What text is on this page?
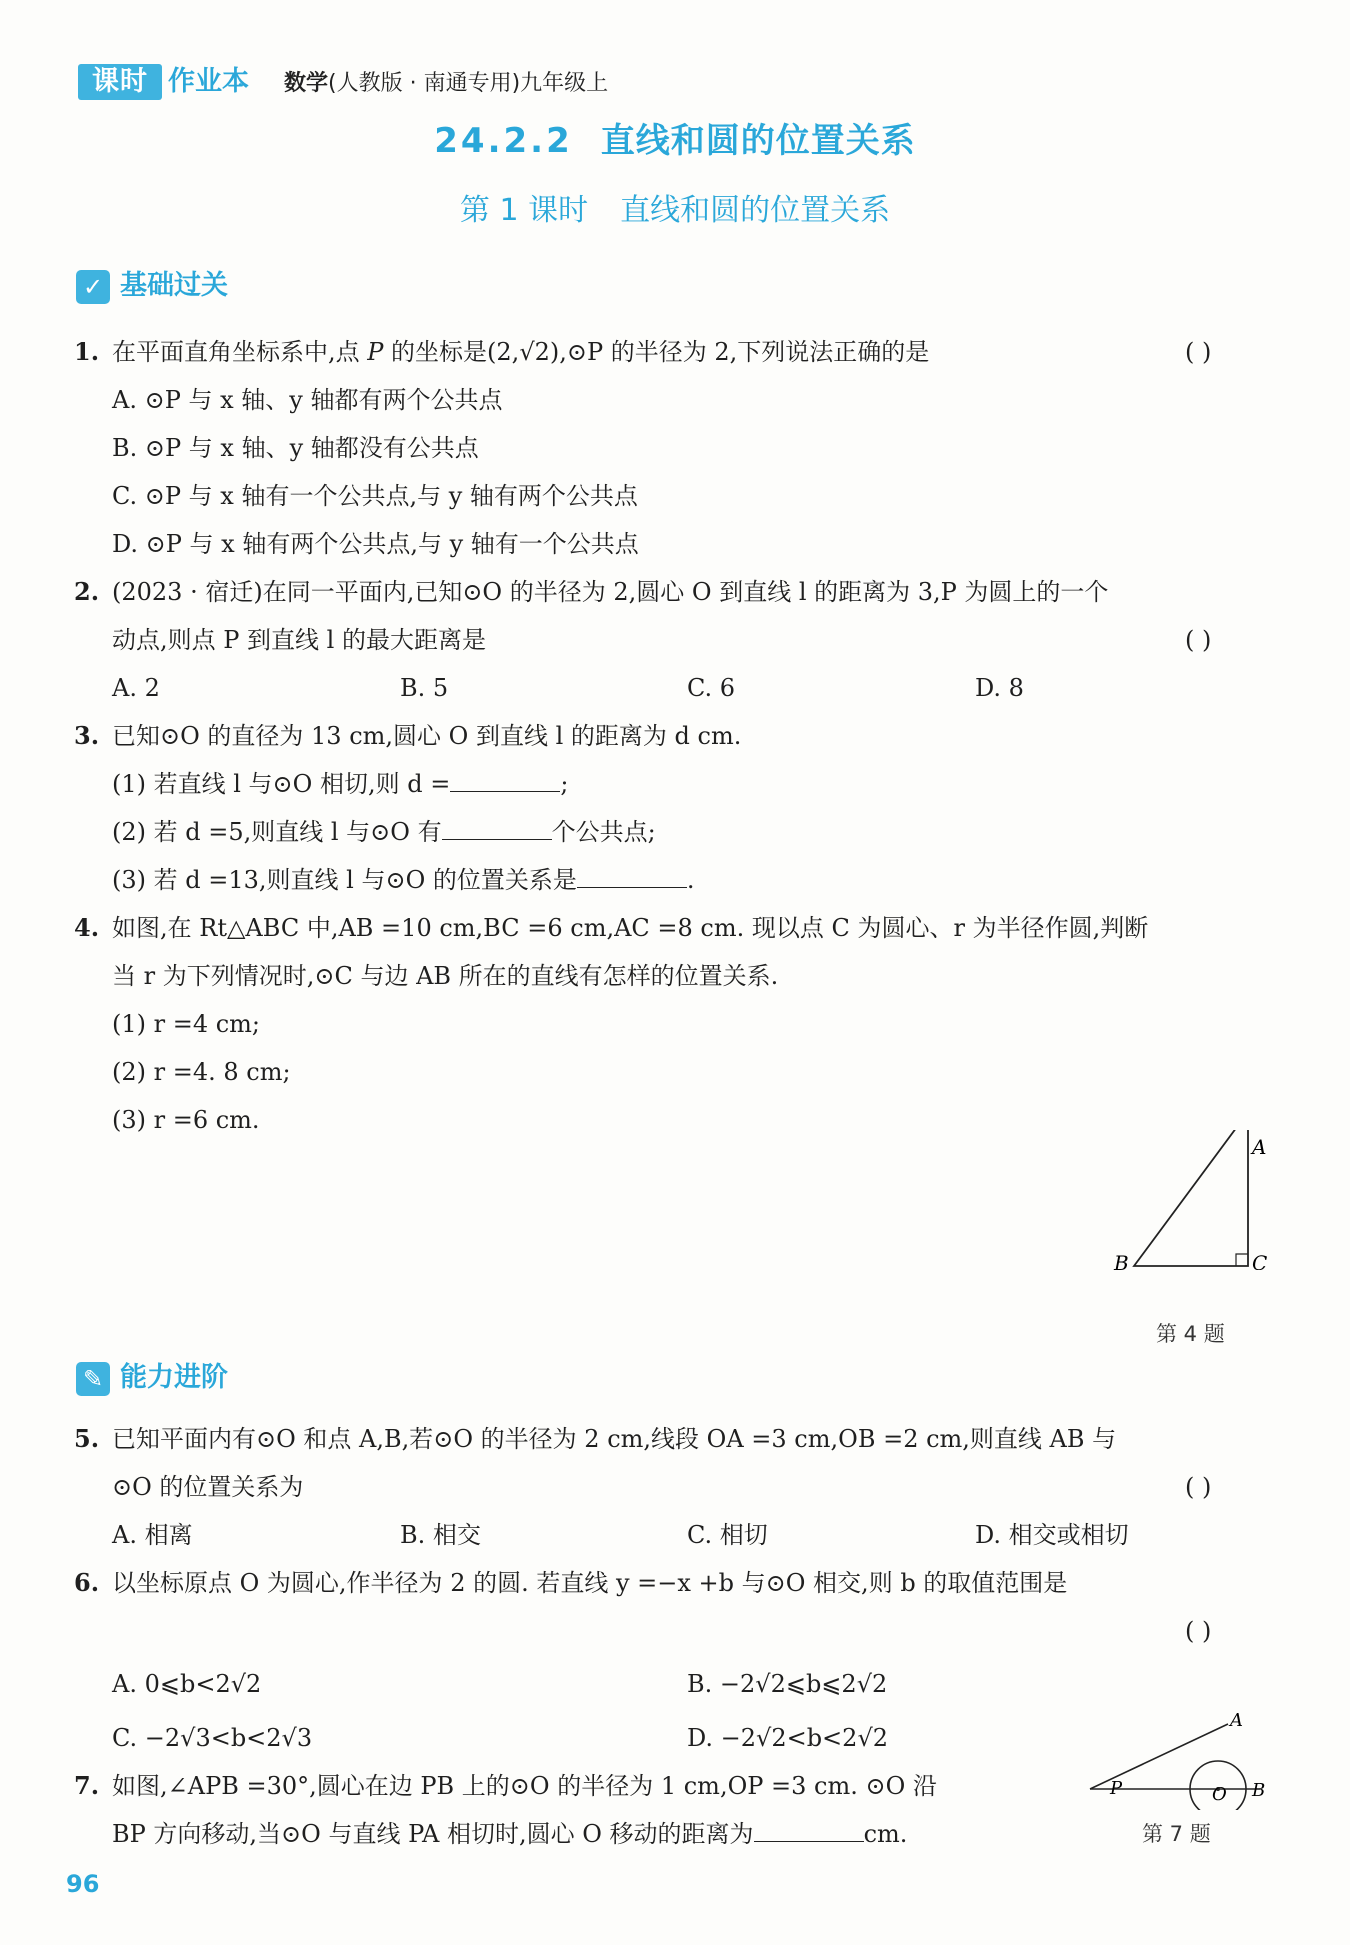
课时 作业本 数学(人教版 · 南通专用)九年级上
24.2.2 直线和圆的位置关系
第 1 课时 直线和圆的位置关系
✓ 基础过关
1. 在平面直角坐标系中,点 P 的坐标是(2,√2),⊙P 的半径为 2,下列说法正确的是	( )
A. ⊙P 与 x 轴、y 轴都有两个公共点
B. ⊙P 与 x 轴、y 轴都没有公共点
C. ⊙P 与 x 轴有一个公共点,与 y 轴有两个公共点
D. ⊙P 与 x 轴有两个公共点,与 y 轴有一个公共点
2. (2023 · 宿迁)在同一平面内,已知⊙O 的半径为 2,圆心 O 到直线 l 的距离为 3,P 为圆上的一个
动点,则点 P 到直线 l 的最大距离是	( )
A. 2	B. 5	C. 6	D. 8
3. 已知⊙O 的直径为 13 cm,圆心 O 到直线 l 的距离为 d cm.
(1) 若直线 l 与⊙O 相切,则 d =	;
(2) 若 d =5,则直线 l 与⊙O 有	个公共点;
(3) 若 d =13,则直线 l 与⊙O 的位置关系是	.
4. 如图,在 Rt△ABC 中,AB =10 cm,BC =6 cm,AC =8 cm. 现以点 C 为圆心、r 为半径作圆,判断
当 r 为下列情况时,⊙C 与边 AB 所在的直线有怎样的位置关系.
(1) r =4 cm;
(2) r =4. 8 cm;
(3) r =6 cm.
A
B	C
第 4 题
✎ 能力进阶
5. 已知平面内有⊙O 和点 A,B,若⊙O 的半径为 2 cm,线段 OA =3 cm,OB =2 cm,则直线 AB 与
⊙O 的位置关系为	( )
A. 相离	B. 相交	C. 相切	D. 相交或相切
6. 以坐标原点 O 为圆心,作半径为 2 的圆. 若直线 y =−x +b 与⊙O 相交,则 b 的取值范围是
( )
A. 0⩽b<2√2	B. −2√2⩽b⩽2√2
C. −2√3<b<2√3	D. −2√2<b<2√2
7. 如图,∠APB =30°,圆心在边 PB 上的⊙O 的半径为 1 cm,OP =3 cm. ⊙O 沿
BP 方向移动,当⊙O 与直线 PA 相切时,圆心 O 移动的距离为	cm.
A
P	O B
第 7 题
96
